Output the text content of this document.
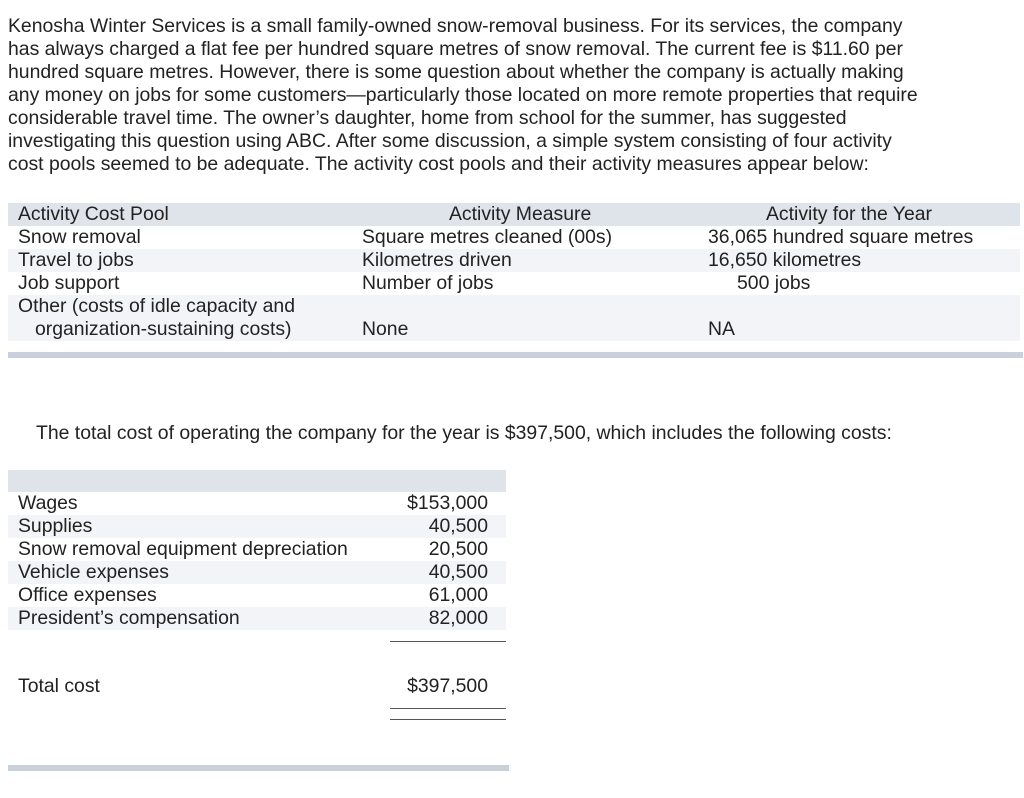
Kenosha Winter Services is a small family-owned snow-removal business. For its services, the company
has always charged a flat fee per hundred square metres of snow removal. The current fee is $11.60 per
hundred square metres. However, there is some question about whether the company is actually making
any money on jobs for some customers—particularly those located on more remote properties that require
considerable travel time. The owner’s daughter, home from school for the summer, has suggested
investigating this question using ABC. After some discussion, a simple system consisting of four activity
cost pools seemed to be adequate. The activity cost pools and their activity measures appear below:
Activity Cost Pool	Activity Measure	Activity for the Year
Snow removal	Square metres cleaned (00s)	36,065 hundred square metres
Travel to jobs	Kilometres driven	16,650 kilometres
Job support	Number of jobs	500 jobs
Other (costs of idle capacity and
organization-sustaining costs)	None	NA
The total cost of operating the company for the year is $397,500, which includes the following costs:
Wages	$153,000
Supplies	40,500
Snow removal equipment depreciation	20,500
Vehicle expenses	40,500
Office expenses	61,000
President’s compensation	82,000
Total cost	$397,500
